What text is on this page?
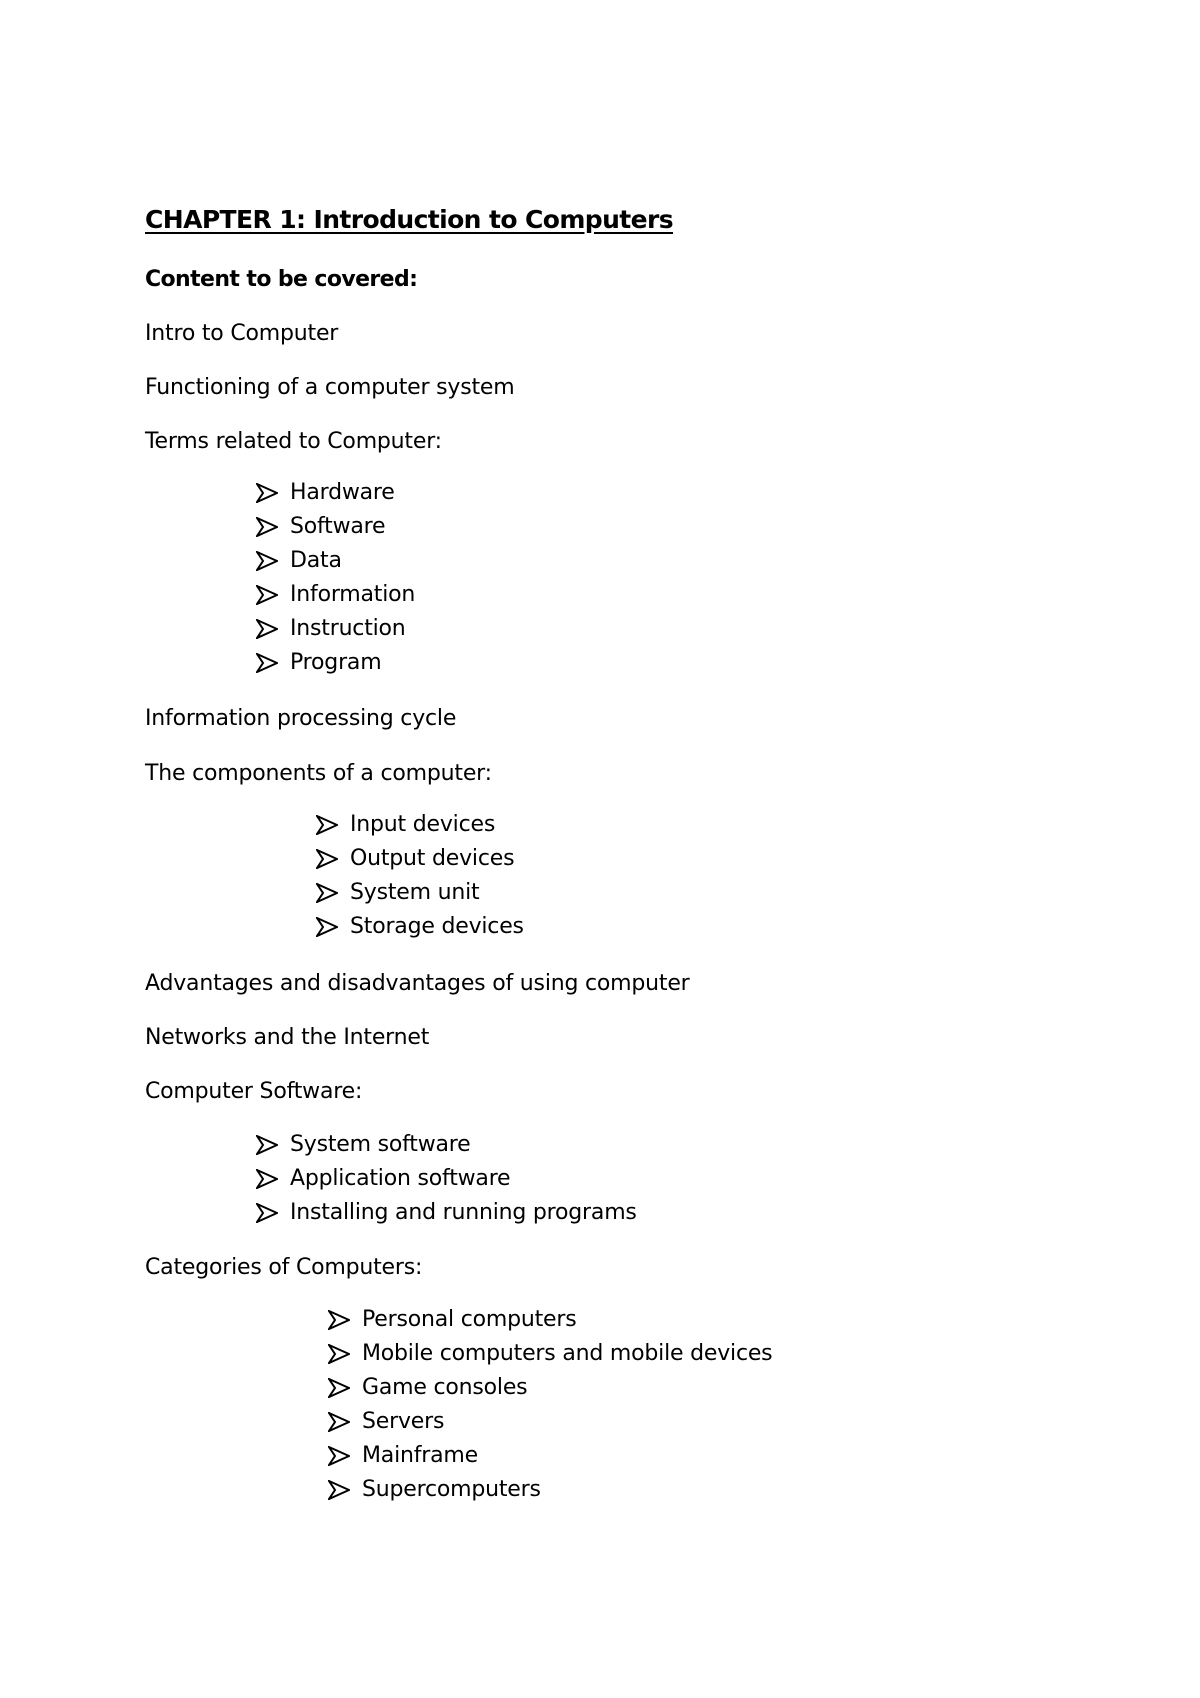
CHAPTER 1: Introduction to Computers
Content to be covered:
Intro to Computer
Functioning of a computer system
Terms related to Computer:
Hardware
Software
Data
Information
Instruction
Program
Information processing cycle
The components of a computer:
Input devices
Output devices
System unit
Storage devices
Advantages and disadvantages of using computer
Networks and the Internet
Computer Software:
System software
Application software
Installing and running programs
Categories of Computers:
Personal computers
Mobile computers and mobile devices
Game consoles
Servers
Mainframe
Supercomputers
